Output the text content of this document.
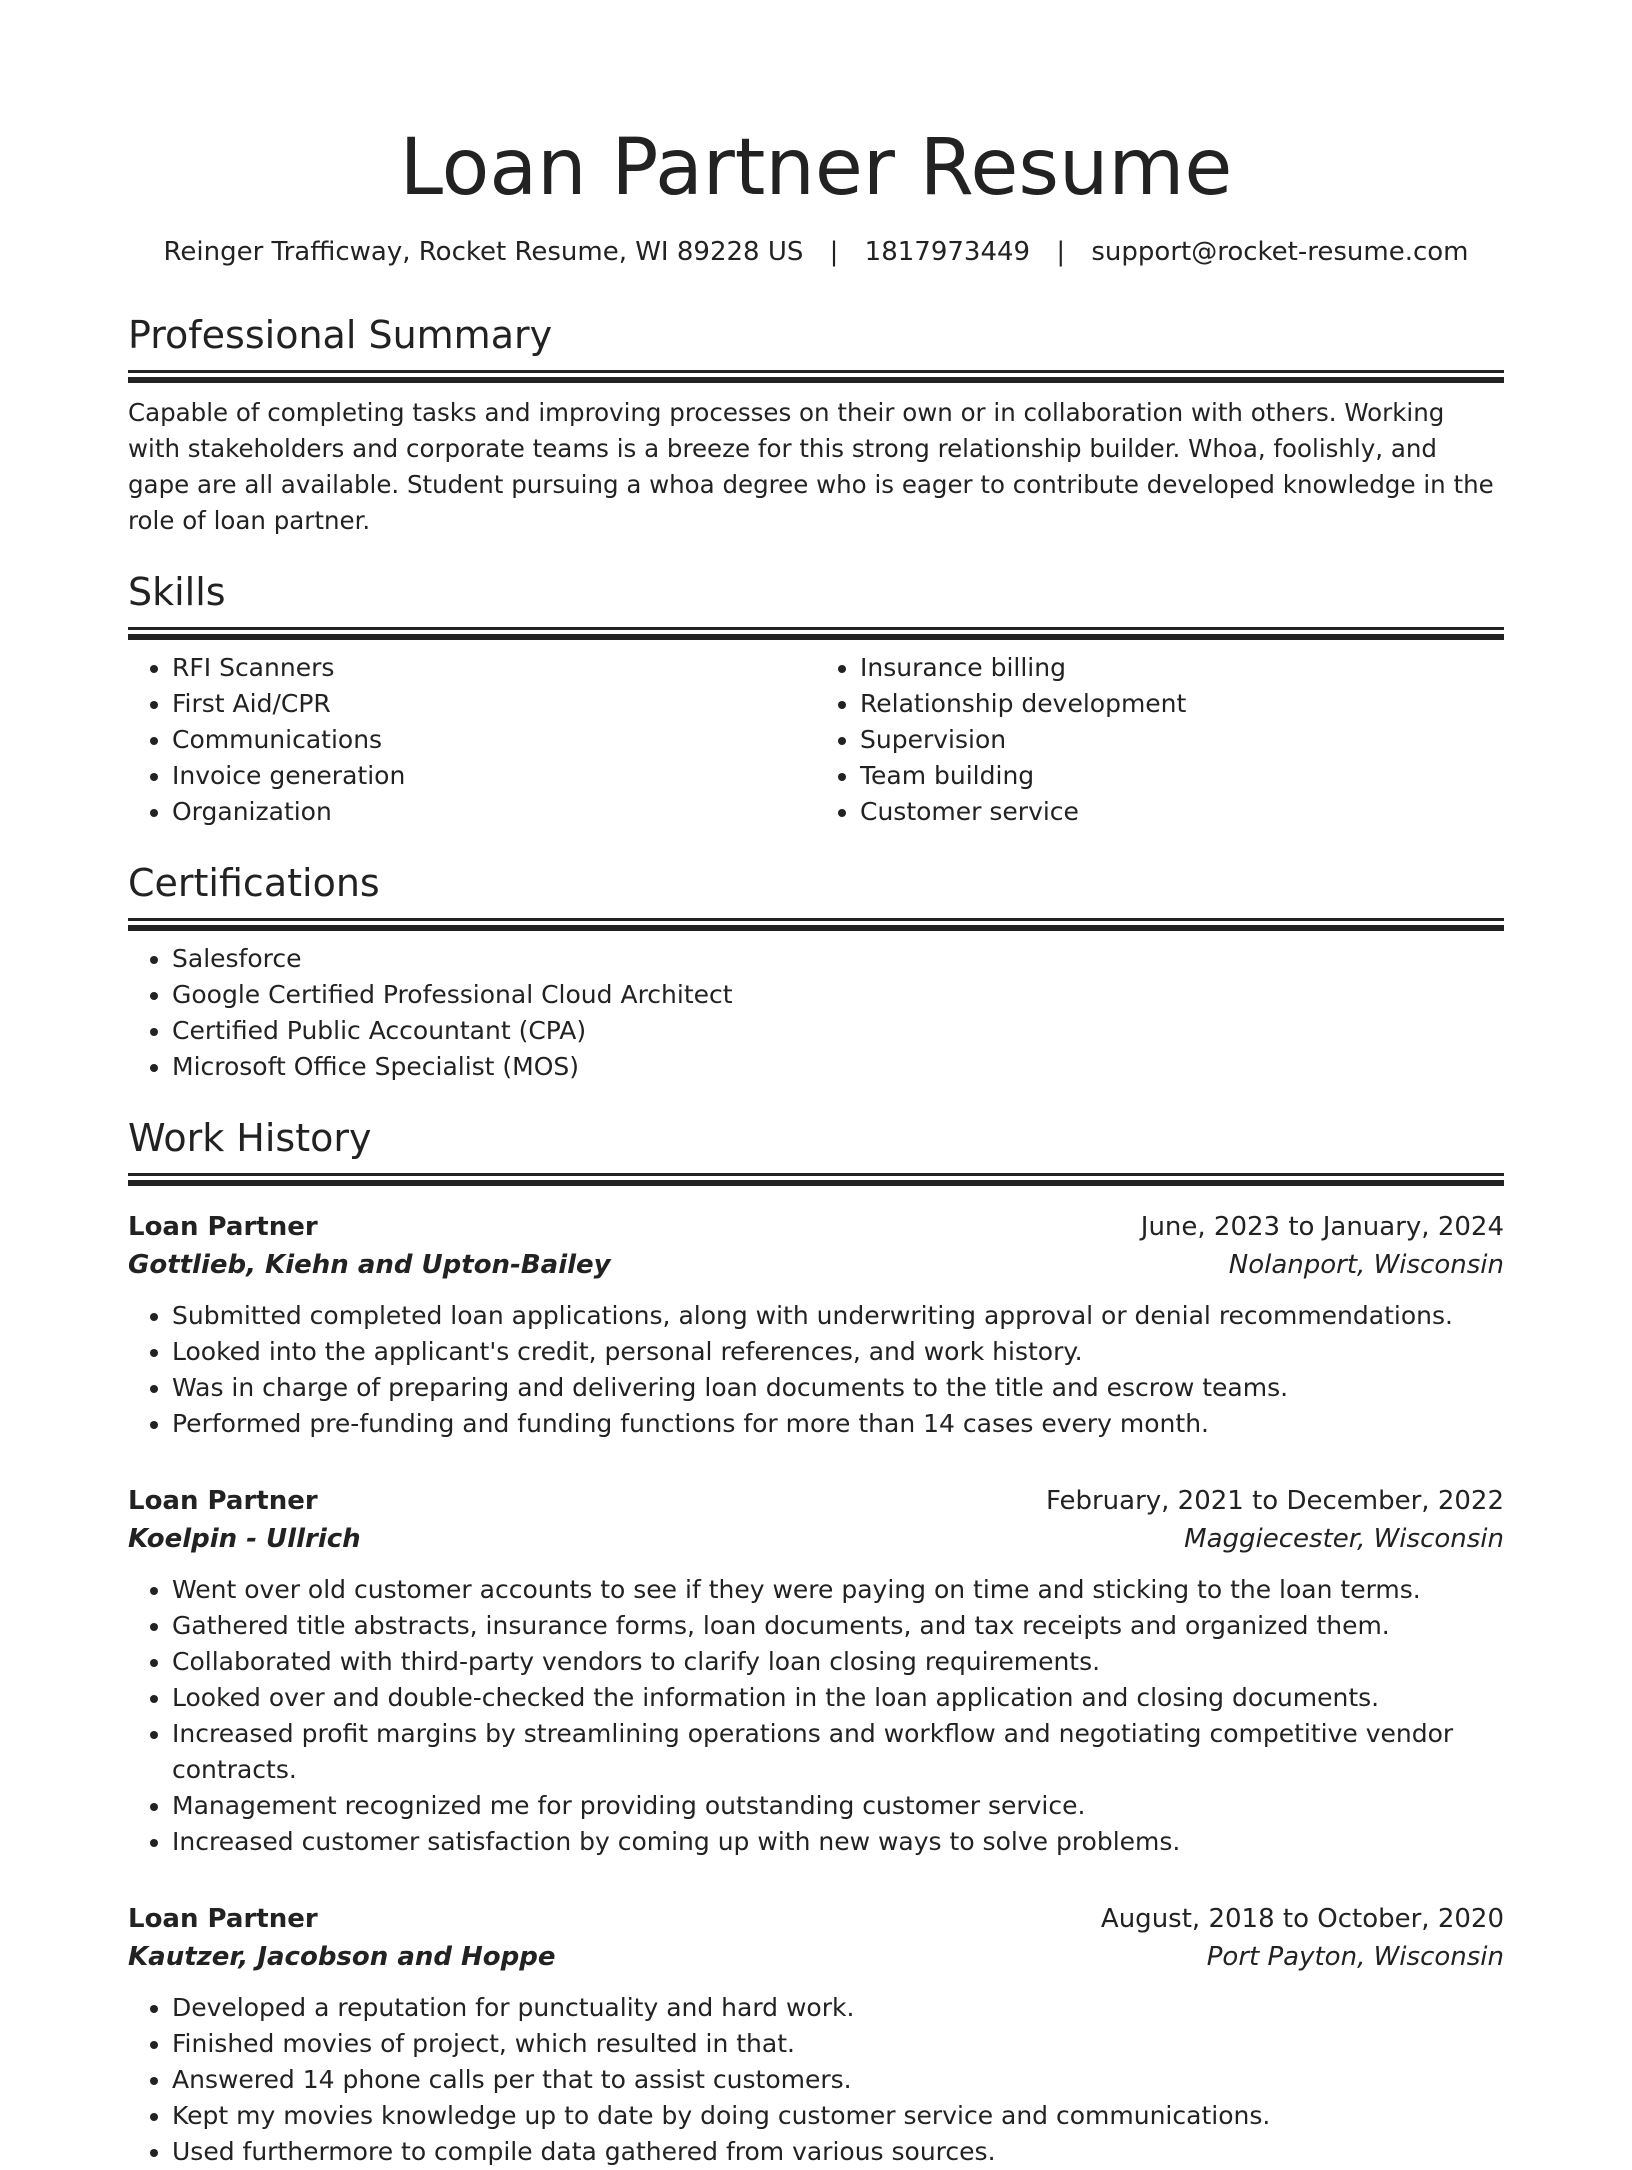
Loan Partner Resume
Reinger Trafficway, Rocket Resume, WI 89228 US | 1817973449 | support@rocket-resume.com
Professional Summary
Capable of completing tasks and improving processes on their own or in collaboration with others. Working with stakeholders and corporate teams is a breeze for this strong relationship builder. Whoa, foolishly, and gape are all available. Student pursuing a whoa degree who is eager to contribute developed knowledge in the role of loan partner.
Skills
• RFI Scanners
• First Aid/CPR
• Communications
• Invoice generation
• Organization
• Insurance billing
• Relationship development
• Supervision
• Team building
• Customer service
Certifications
• Salesforce
• Google Certified Professional Cloud Architect
• Certified Public Accountant (CPA)
• Microsoft Office Specialist (MOS)
Work History
Loan Partner	June, 2023 to January, 2024
Gottlieb, Kiehn and Upton-Bailey	Nolanport, Wisconsin
• Submitted completed loan applications, along with underwriting approval or denial recommendations.
• Looked into the applicant's credit, personal references, and work history.
• Was in charge of preparing and delivering loan documents to the title and escrow teams.
• Performed pre-funding and funding functions for more than 14 cases every month.
Loan Partner	February, 2021 to December, 2022
Koelpin - Ullrich	Maggiecester, Wisconsin
• Went over old customer accounts to see if they were paying on time and sticking to the loan terms.
• Gathered title abstracts, insurance forms, loan documents, and tax receipts and organized them.
• Collaborated with third-party vendors to clarify loan closing requirements.
• Looked over and double-checked the information in the loan application and closing documents.
• Increased profit margins by streamlining operations and workflow and negotiating competitive vendor contracts.
• Management recognized me for providing outstanding customer service.
• Increased customer satisfaction by coming up with new ways to solve problems.
Loan Partner	August, 2018 to October, 2020
Kautzer, Jacobson and Hoppe	Port Payton, Wisconsin
• Developed a reputation for punctuality and hard work.
• Finished movies of project, which resulted in that.
• Answered 14 phone calls per that to assist customers.
• Kept my movies knowledge up to date by doing customer service and communications.
• Used furthermore to compile data gathered from various sources.
